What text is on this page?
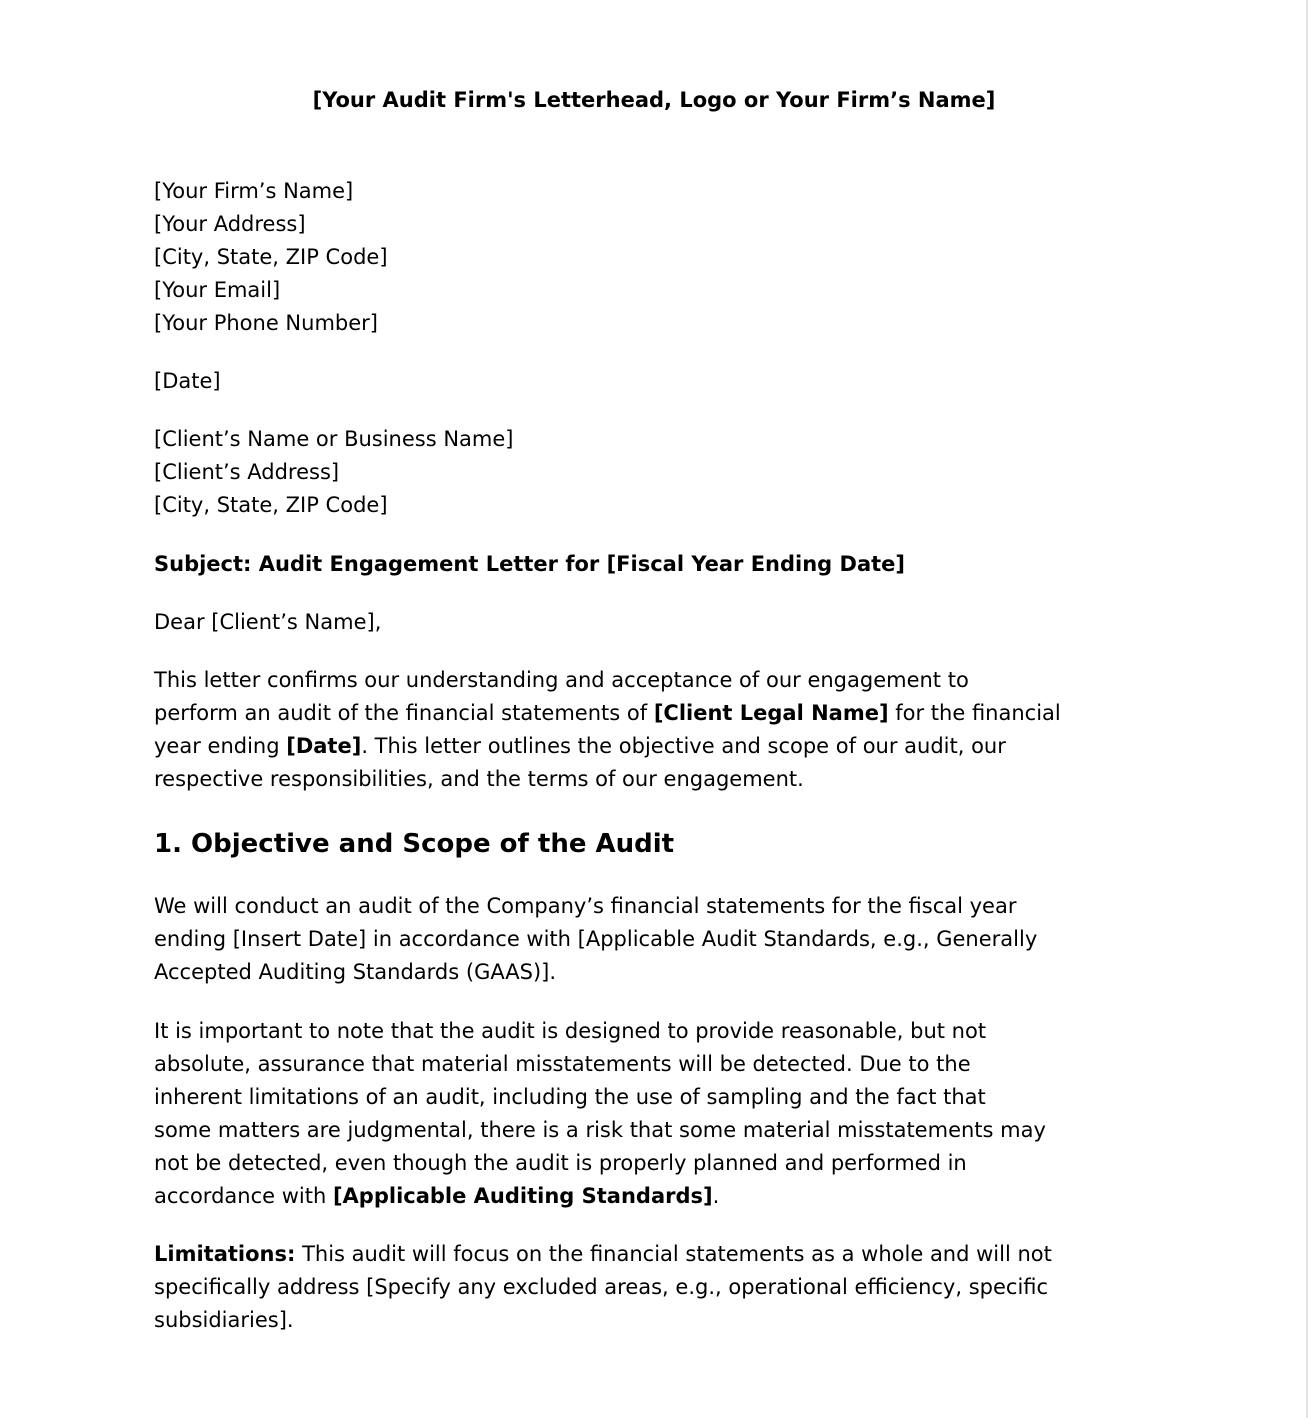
[Your Audit Firm's Letterhead, Logo or Your Firm’s Name]
[Your Firm’s Name]
[Your Address]
[City, State, ZIP Code]
[Your Email]
[Your Phone Number]
[Date]
[Client’s Name or Business Name]
[Client’s Address]
[City, State, ZIP Code]
Subject: Audit Engagement Letter for [Fiscal Year Ending Date]
Dear [Client’s Name],
This letter confirms our understanding and acceptance of our engagement to
perform an audit of the financial statements of [Client Legal Name] for the financial
year ending [Date]. This letter outlines the objective and scope of our audit, our
respective responsibilities, and the terms of our engagement.
1. Objective and Scope of the Audit
We will conduct an audit of the Company’s financial statements for the fiscal year
ending [Insert Date] in accordance with [Applicable Audit Standards, e.g., Generally
Accepted Auditing Standards (GAAS)].
It is important to note that the audit is designed to provide reasonable, but not
absolute, assurance that material misstatements will be detected. Due to the
inherent limitations of an audit, including the use of sampling and the fact that
some matters are judgmental, there is a risk that some material misstatements may
not be detected, even though the audit is properly planned and performed in
accordance with [Applicable Auditing Standards].
Limitations: This audit will focus on the financial statements as a whole and will not
specifically address [Specify any excluded areas, e.g., operational efficiency, specific
subsidiaries].
